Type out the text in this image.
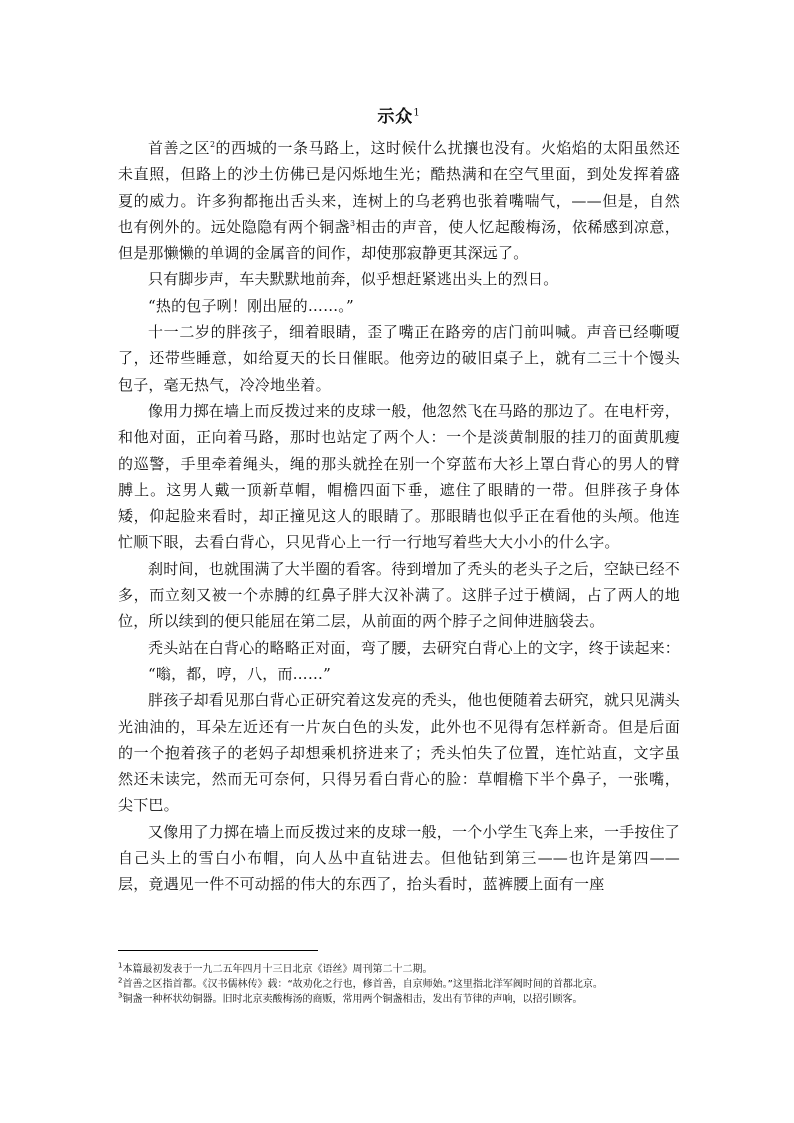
示众$^1$

首善之区$^2$的西城的一条马路上，这时候什么扰攘也没有。火焰焰的太阳虽然还未直照，但路上的沙土仿佛已是闪烁地生光；酷热满和在空气里面，到处发挥着盛夏的威力。许多狗都拖出舌头来，连树上的乌老鸦也张着嘴喘气，——但是，自然也有例外的。远处隐隐有两个铜盏$^3$相击的声音，使人忆起酸梅汤，依稀感到凉意，但是那懒懒的单调的金属音的间作，却使那寂静更其深远了。

只有脚步声，车夫默默地前奔，似乎想赶紧逃出头上的烈日。

“热的包子咧！刚出屉的……。”

十一二岁的胖孩子，细着眼睛，歪了嘴正在路旁的店门前叫喊。声音已经嘶嗄了，还带些睡意，如给夏天的长日催眠。他旁边的破旧桌子上，就有二三十个馒头包子，毫无热气，冷冷地坐着。

像用力掷在墙上而反拨过来的皮球一般，他忽然飞在马路的那边了。在电杆旁，和他对面，正向着马路，那时也站定了两个人：一个是淡黄制服的挂刀的面黄肌瘦的巡警，手里牵着绳头，绳的那头就拴在别一个穿蓝布大衫上罩白背心的男人的臂膊上。这男人戴一顶新草帽，帽檐四面下垂，遮住了眼睛的一带。但胖孩子身体矮，仰起脸来看时，却正撞见这人的眼睛了。那眼睛也似乎正在看他的头颅。他连忙顺下眼，去看白背心，只见背心上一行一行地写着些大大小小的什么字。

刹时间，也就围满了大半圈的看客。待到增加了秃头的老头子之后，空缺已经不多，而立刻又被一个赤膊的红鼻子胖大汉补满了。这胖子过于横阔，占了两人的地位，所以续到的便只能屈在第二层，从前面的两个脖子之间伸进脑袋去。

秃头站在白背心的略略正对面，弯了腰，去研究白背心上的文字，终于读起来：

“嗡，都，哼，八，而……”

胖孩子却看见那白背心正研究着这发亮的秃头，他也便随着去研究，就只见满头光油油的，耳朵左近还有一片灰白色的头发，此外也不见得有怎样新奇。但是后面的一个抱着孩子的老妈子却想乘机挤进来了；秃头怕失了位置，连忙站直，文字虽然还未读完，然而无可奈何，只得另看白背心的脸：草帽檐下半个鼻子，一张嘴，尖下巴。

又像用了力掷在墙上而反拨过来的皮球一般，一个小学生飞奔上来，一手按住了自己头上的雪白小布帽，向人丛中直钻进去。但他钻到第三——也许是第四——层，竟遇见一件不可动摇的伟大的东西了，抬头看时，蓝裤腰上面有一座

$^1$本篇最初发表于一九二五年四月十三日北京《语丝》周刊第二十二期。

$^2$首善之区指首都。《汉书儒林传》载：“故劝化之行也，修首善，自京师始。”这里指北洋军阀时间的首都北京。

$^3$铜盏一种杯状幼铜器。旧时北京卖酸梅汤的商贩，常用两个铜盏相击，发出有节律的声响，以招引顾客。
